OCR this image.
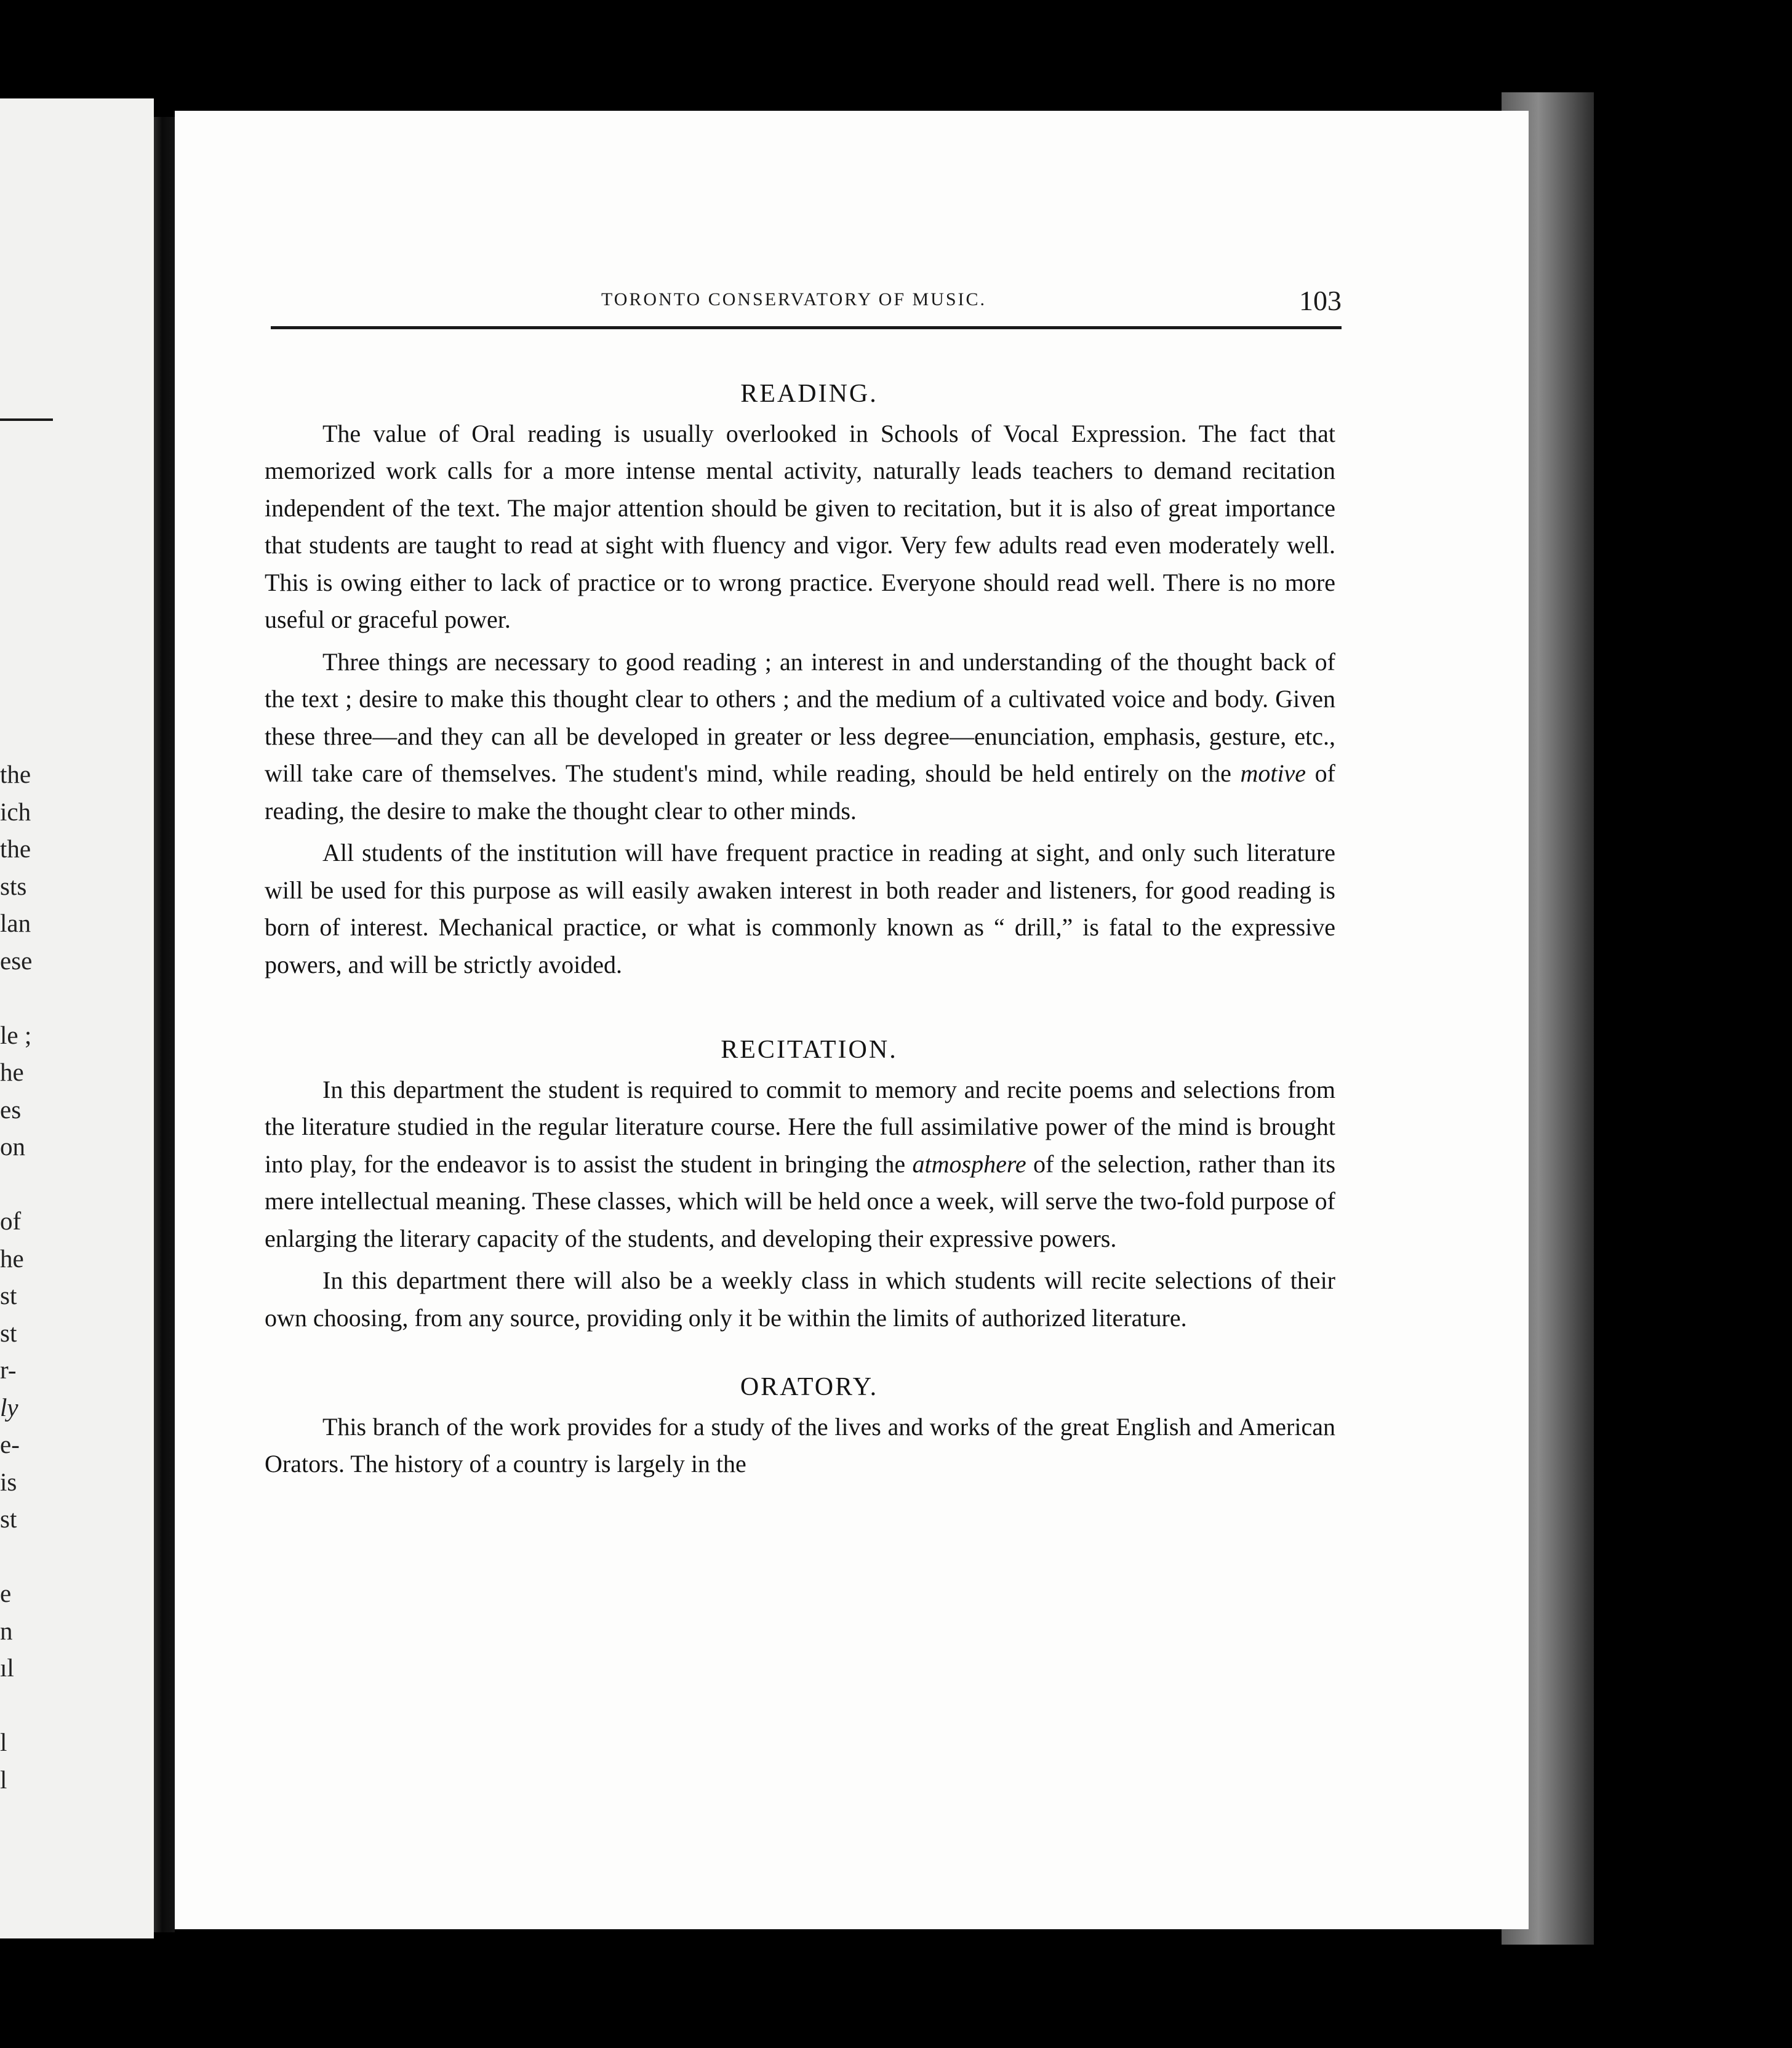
the
ich
the
sts
lan
ese
le ;
he
es
on
of
he
st
st
r-
ly
e-
is
st
e
n
ıl
l
l
TORONTO CONSERVATORY OF MUSIC.	103
READING.

The value of Oral reading is usually overlooked in Schools of Vocal Expression. The fact that memorized work calls for a more intense mental activity, naturally leads teachers to demand recitation independent of the text. The major attention should be given to recitation, but it is also of great importance that students are taught to read at sight with fluency and vigor. Very few adults read even moderately well. This is owing either to lack of practice or to wrong practice. Everyone should read well. There is no more useful or graceful power.

Three things are necessary to good reading ; an interest in and understanding of the thought back of the text ; desire to make this thought clear to others ; and the medium of a cultivated voice and body. Given these three—and they can all be developed in greater or less degree—enunciation, emphasis, gesture, etc., will take care of themselves. The student's mind, while reading, should be held entirely on the motive of reading, the desire to make the thought clear to other minds.

All students of the institution will have frequent practice in reading at sight, and only such literature will be used for this purpose as will easily awaken interest in both reader and listeners, for good reading is born of interest. Mechanical practice, or what is commonly known as “ drill,” is fatal to the expressive powers, and will be strictly avoided.

RECITATION.

In this department the student is required to commit to memory and recite poems and selections from the literature studied in the regular literature course. Here the full assimilative power of the mind is brought into play, for the endeavor is to assist the student in bringing the atmosphere of the selection, rather than its mere intellectual meaning. These classes, which will be held once a week, will serve the two-fold purpose of enlarging the literary capacity of the students, and developing their expressive powers.

In this department there will also be a weekly class in which students will recite selections of their own choosing, from any source, providing only it be within the limits of authorized literature.

ORATORY.

This branch of the work provides for a study of the lives and works of the great English and American Orators. The history of a country is largely in the
